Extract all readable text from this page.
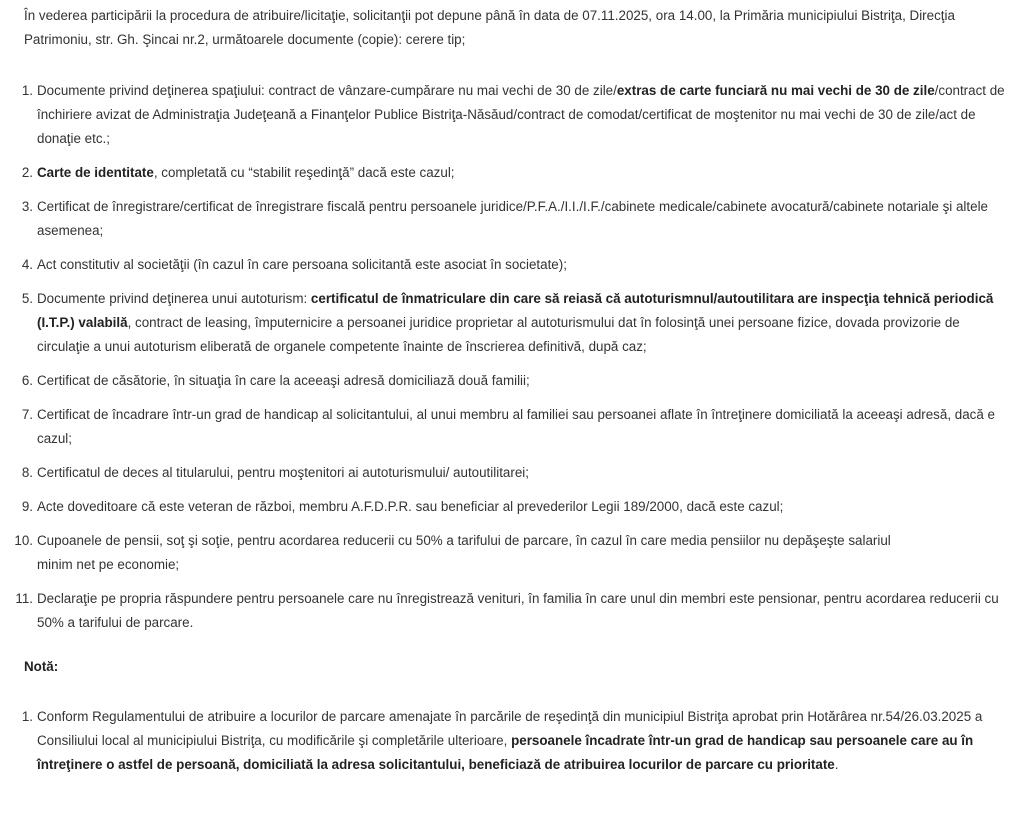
În vederea participării la procedura de atribuire/licitaţie, solicitanţii pot depune până în data de 07.11.2025, ora 14.00, la Primăria municipiului Bistriţa, Direcţia Patrimoniu, str. Gh. Şincai nr.2, următoarele documente (copie): cerere tip;

1. Documente privind deţinerea spaţiului: contract de vânzare-cumpărare nu mai vechi de 30 de zile/extras de carte funciară nu mai vechi de 30 de zile/contract de închiriere avizat de Administraţia Judeţeană a Finanţelor Publice Bistriţa-Năsăud/contract de comodat/certificat de moştenitor nu mai vechi de 30 de zile/act de donaţie etc.;
2. Carte de identitate, completată cu “stabilit reşedinţă” dacă este cazul;
3. Certificat de înregistrare/certificat de înregistrare fiscală pentru persoanele juridice/P.F.A./I.I./I.F./cabinete medicale/cabinete avocatură/cabinete notariale şi altele asemenea;
4. Act constitutiv al societăţii (în cazul în care persoana solicitantă este asociat în societate);
5. Documente privind deţinerea unui autoturism: certificatul de înmatriculare din care să reiasă că autoturismnul/autoutilitara are inspecţia tehnică periodică (I.T.P.) valabilă, contract de leasing, împuternicire a persoanei juridice proprietar al autoturismului dat în folosinţă unei persoane fizice, dovada provizorie de circulaţie a unui autoturism eliberată de organele competente înainte de înscrierea definitivă, după caz;
6. Certificat de căsătorie, în situaţia în care la aceeaşi adresă domiciliază două familii;
7. Certificat de încadrare într-un grad de handicap al solicitantului, al unui membru al familiei sau persoanei aflate în întreţinere domiciliată la aceeaşi adresă, dacă e cazul;
8. Certificatul de deces al titularului, pentru moştenitori ai autoturismului/ autoutilitarei;
9. Acte doveditoare că este veteran de război, membru A.F.D.P.R. sau beneficiar al prevederilor Legii 189/2000, dacă este cazul;
10. Cupoanele de pensii, soţ şi soţie, pentru acordarea reducerii cu 50% a tarifului de parcare, în cazul în care media pensiilor nu depăşeşte salariul
minim net pe economie;
11. Declaraţie pe propria răspundere pentru persoanele care nu înregistrează venituri, în familia în care unul din membri este pensionar, pentru acordarea reducerii cu 50% a tarifului de parcare.

Notă:

1. Conform Regulamentului de atribuire a locurilor de parcare amenajate în parcările de reşedinţă din municipiul Bistriţa aprobat prin Hotărârea nr.54/26.03.2025 a Consiliului local al municipiului Bistriţa, cu modificările şi completările ulterioare, persoanele încadrate într-un grad de handicap sau persoanele care au în întreţinere o astfel de persoană, domiciliată la adresa solicitantului, beneficiază de atribuirea locurilor de parcare cu prioritate.
